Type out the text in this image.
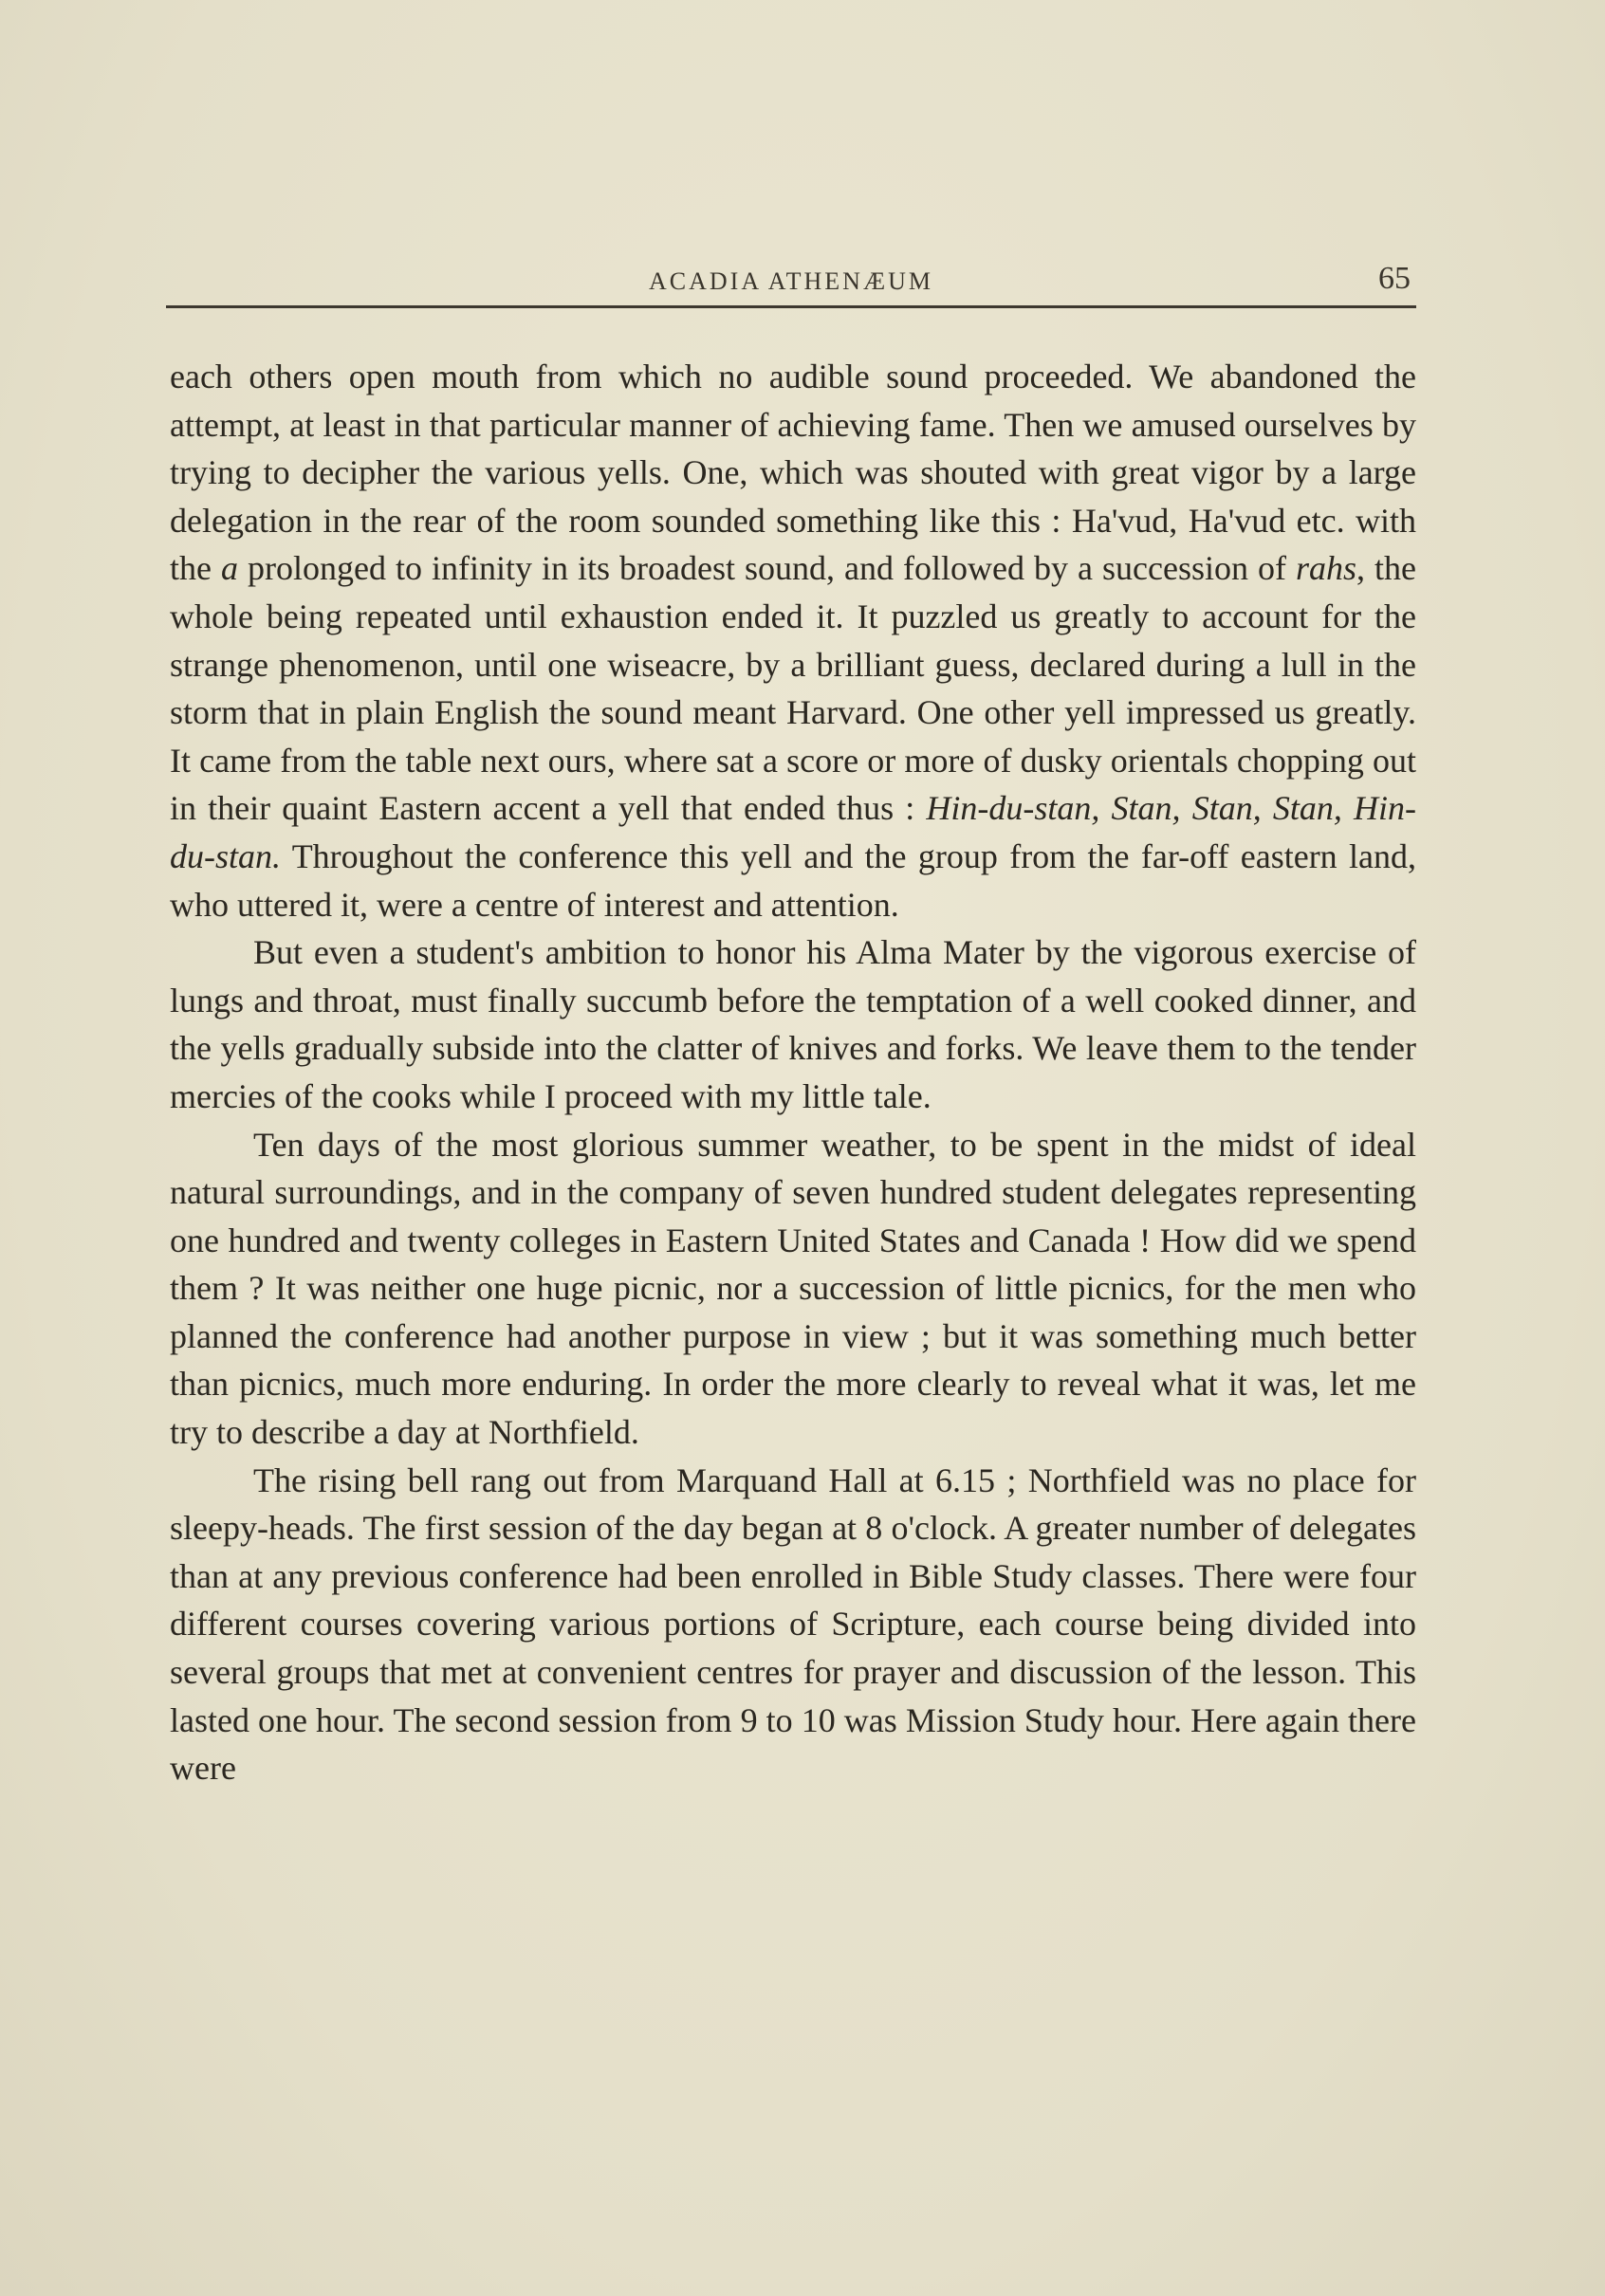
ACADIA ATHENÆUM	65

each others open mouth from which no audible sound proceeded. We abandoned the attempt, at least in that particular manner of achieving fame. Then we amused ourselves by trying to decipher the various yells. One, which was shouted with great vigor by a large delegation in the rear of the room sounded something like this : Ha'vud, Ha'vud etc. with the a prolonged to infinity in its broadest sound, and followed by a succession of rahs, the whole being repeated until exhaustion ended it. It puzzled us greatly to account for the strange phenomenon, until one wiseacre, by a brilliant guess, declared during a lull in the storm that in plain English the sound meant Harvard. One other yell impressed us greatly. It came from the table next ours, where sat a score or more of dusky orientals chopping out in their quaint Eastern accent a yell that ended thus : Hin-du-stan, Stan, Stan, Stan, Hin-du-stan. Throughout the conference this yell and the group from the far-off eastern land, who uttered it, were a centre of interest and attention.

But even a student's ambition to honor his Alma Mater by the vigorous exercise of lungs and throat, must finally succumb before the temptation of a well cooked dinner, and the yells gradually subside into the clatter of knives and forks. We leave them to the tender mercies of the cooks while I proceed with my little tale.

Ten days of the most glorious summer weather, to be spent in the midst of ideal natural surroundings, and in the company of seven hundred student delegates representing one hundred and twenty colleges in Eastern United States and Canada ! How did we spend them ? It was neither one huge picnic, nor a succession of little picnics, for the men who planned the conference had another purpose in view ; but it was something much better than picnics, much more enduring. In order the more clearly to reveal what it was, let me try to describe a day at Northfield.

The rising bell rang out from Marquand Hall at 6.15 ; Northfield was no place for sleepy-heads. The first session of the day began at 8 o'clock. A greater number of delegates than at any previous conference had been enrolled in Bible Study classes. There were four different courses covering various portions of Scripture, each course being divided into several groups that met at convenient centres for prayer and discussion of the lesson. This lasted one hour. The second session from 9 to 10 was Mission Study hour. Here again there were
